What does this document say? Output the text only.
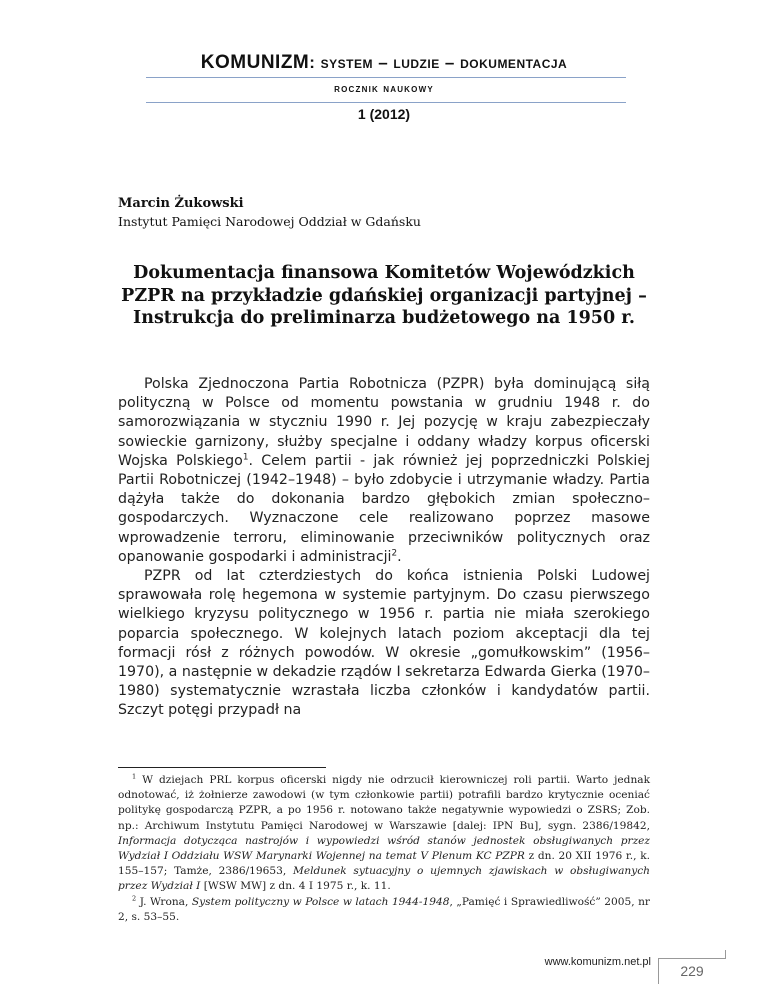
KOMUNIZM: system – ludzie – dokumentacja
rocznik naukowy
1 (2012)
Marcin Żukowski
Instytut Pamięci Narodowej Oddział w Gdańsku
Dokumentacja finansowa Komitetów Wojewódzkich PZPR na przykładzie gdańskiej organizacji partyjnej – Instrukcja do preliminarza budżetowego na 1950 r.

Polska Zjednoczona Partia Robotnicza (PZPR) była dominującą siłą polityczną w Polsce od momentu powstania w grudniu 1948 r. do samorozwiązania w styczniu 1990 r. Jej pozycję w kraju zabezpieczały sowieckie garnizony, służby specjalne i oddany władzy korpus oficerski Wojska Polskiego$^1$. Celem partii - jak również jej poprzedniczki Polskiej Partii Robotniczej (1942–1948) – było zdobycie i utrzymanie władzy. Partia dążyła także do dokonania bardzo głębokich zmian społeczno–gospodarczych. Wyznaczone cele realizowano poprzez masowe wprowadzenie terroru, eliminowanie przeciwników politycznych oraz opanowanie gospodarki i administracji$^2$.

PZPR od lat czterdziestych do końca istnienia Polski Ludowej sprawowała rolę hegemona w systemie partyjnym. Do czasu pierwszego wielkiego kryzysu politycznego w 1956 r. partia nie miała szerokiego poparcia społecznego. W kolejnych latach poziom akceptacji dla tej formacji rósł z różnych powodów. W okresie „gomułkowskim” (1956–1970), a następnie w dekadzie rządów I sekretarza Edwarda Gierka (1970–1980) systematycznie wzrastała liczba członków i kandydatów partii. Szczyt potęgi przypadł na

$^1$ W dziejach PRL korpus oficerski nigdy nie odrzucił kierowniczej roli partii. Warto jednak odnotować, iż żołnierze zawodowi (w tym członkowie partii) potrafili bardzo krytycznie oceniać politykę gospodarczą PZPR, a po 1956 r. notowano także negatywnie wypowiedzi o ZSRS; Zob. np.: Archiwum Instytutu Pamięci Narodowej w Warszawie [dalej: IPN Bu], sygn. 2386/19842, Informacja dotycząca nastrojów i wypowiedzi wśród stanów jednostek obsługiwanych przez Wydział I Oddziału WSW Marynarki Wojennej na temat V Plenum KC PZPR z dn. 20 XII 1976 r., k. 155–157; Tamże, 2386/19653, Meldunek sytuacyjny o ujemnych zjawiskach w obsługiwanych przez Wydział I [WSW MW] z dn. 4 I 1975 r., k. 11.

$^2$ J. Wrona, System polityczny w Polsce w latach 1944-1948, „Pamięć i Sprawiedliwość” 2005, nr 2, s. 53–55.

www.komunizm.net.pl
229
